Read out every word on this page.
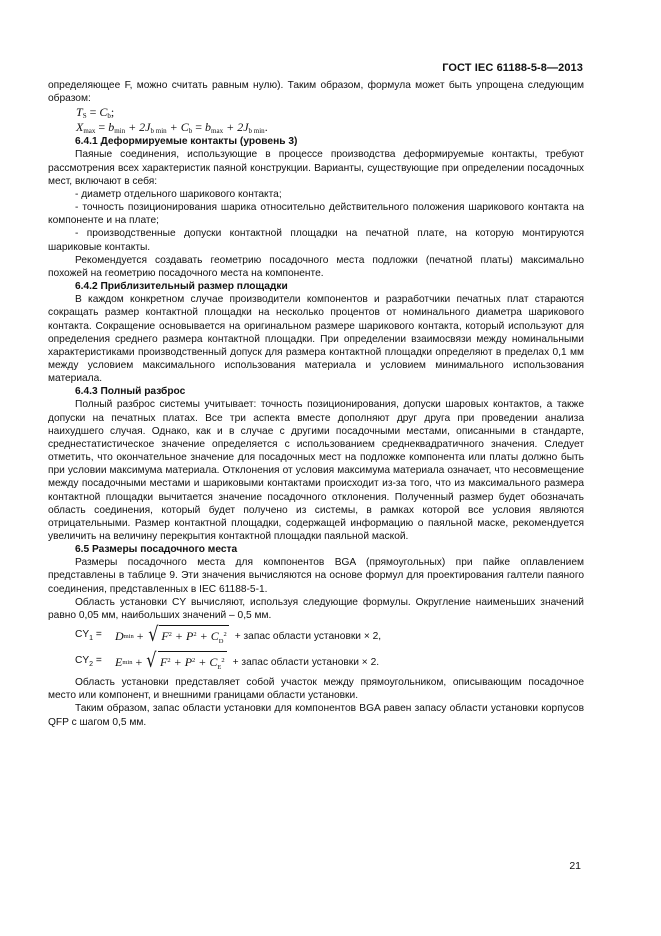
ГОСТ IEC 61188-5-8—2013

определяющее F, можно считать равным нулю). Таким образом, формула может быть упрощена следующим образом:

$T_S = C_b$;
$X_{max} = b_{min} + 2J_{b min} + C_b = b_{max} + 2J_{b min}$.
6.4.1 Деформируемые контакты (уровень 3)

Паяные соединения, использующие в процессе производства деформируемые контакты, требуют рассмотрения всех характеристик паяной конструкции. Варианты, существующие при определении посадочных мест, включают в себя:

- диаметр отдельного шарикового контакта;

- точность позиционирования шарика относительно действительного положения шарикового контакта на компоненте и на плате;

- производственные допуски контактной площадки на печатной плате, на которую монтируются шариковые контакты.

Рекомендуется создавать геометрию посадочного места подложки (печатной платы) максимально похожей на геометрию посадочного места на компоненте.

6.4.2 Приблизительный размер площадки

В каждом конкретном случае производители компонентов и разработчики печатных плат стараются сокращать размер контактной площадки на несколько процентов от номинального диаметра шарикового контакта. Сокращение основывается на оригинальном размере шарикового контакта, который используют для определения среднего размера контактной площадки. При определении взаимосвязи между номинальными характеристиками производственный допуск для размера контактной площадки определяют в пределах 0,1 мм между условием максимального использования материала и условием минимального использования материала.

6.4.3 Полный разброс

Полный разброс системы учитывает: точность позиционирования, допуски шаровых контактов, а также допуски на печатных платах. Все три аспекта вместе дополняют друг друга при проведении анализа наихудшего случая. Однако, как и в случае с другими посадочными местами, описанными в стандарте, среднестатистическое значение определяется с использованием среднеквадратичного значения. Следует отметить, что окончательное значение для посадочных мест на подложке компонента или платы должно быть при условии максимума материала. Отклонения от условия максимума материала означает, что несовмещение между посадочными местами и шариковыми контактами происходит из-за того, что из максимального размера контактной площадки вычитается значение посадочного отклонения. Полученный размер будет обозначать область соединения, который будет получено из системы, в рамках которой все условия являются отрицательными. Размер контактной площадки, содержащей информацию о паяльной маске, рекомендуется увеличить на величину перекрытия контактной площадки паяльной маской.

6.5 Размеры посадочного места

Размеры посадочного места для компонентов BGA (прямоугольных) при пайке оплавлением представлены в таблице 9. Эти значения вычисляются на основе формул для проектирования галтели паяного соединения, представленных в IEC 61188-5-1.

Область установки CY вычисляют, используя следующие формулы. Округление наименьших значений равно 0,05 мм, наибольших значений – 0,5 мм.

$CY_1$ =	D min
+ √ $F^2 + P^2 + C_D^2$ + запас области установки × 2,
$CY_2$ =	E min
+ √ $F^2 + P^2 + C_E^2$ + запас области установки × 2.

Область установки представляет собой участок между прямоугольником, описывающим посадочное место или компонент, и внешними границами области установки.

Таким образом, запас области установки для компонентов BGA равен запасу области установки корпусов QFP с шагом 0,5 мм.

21
